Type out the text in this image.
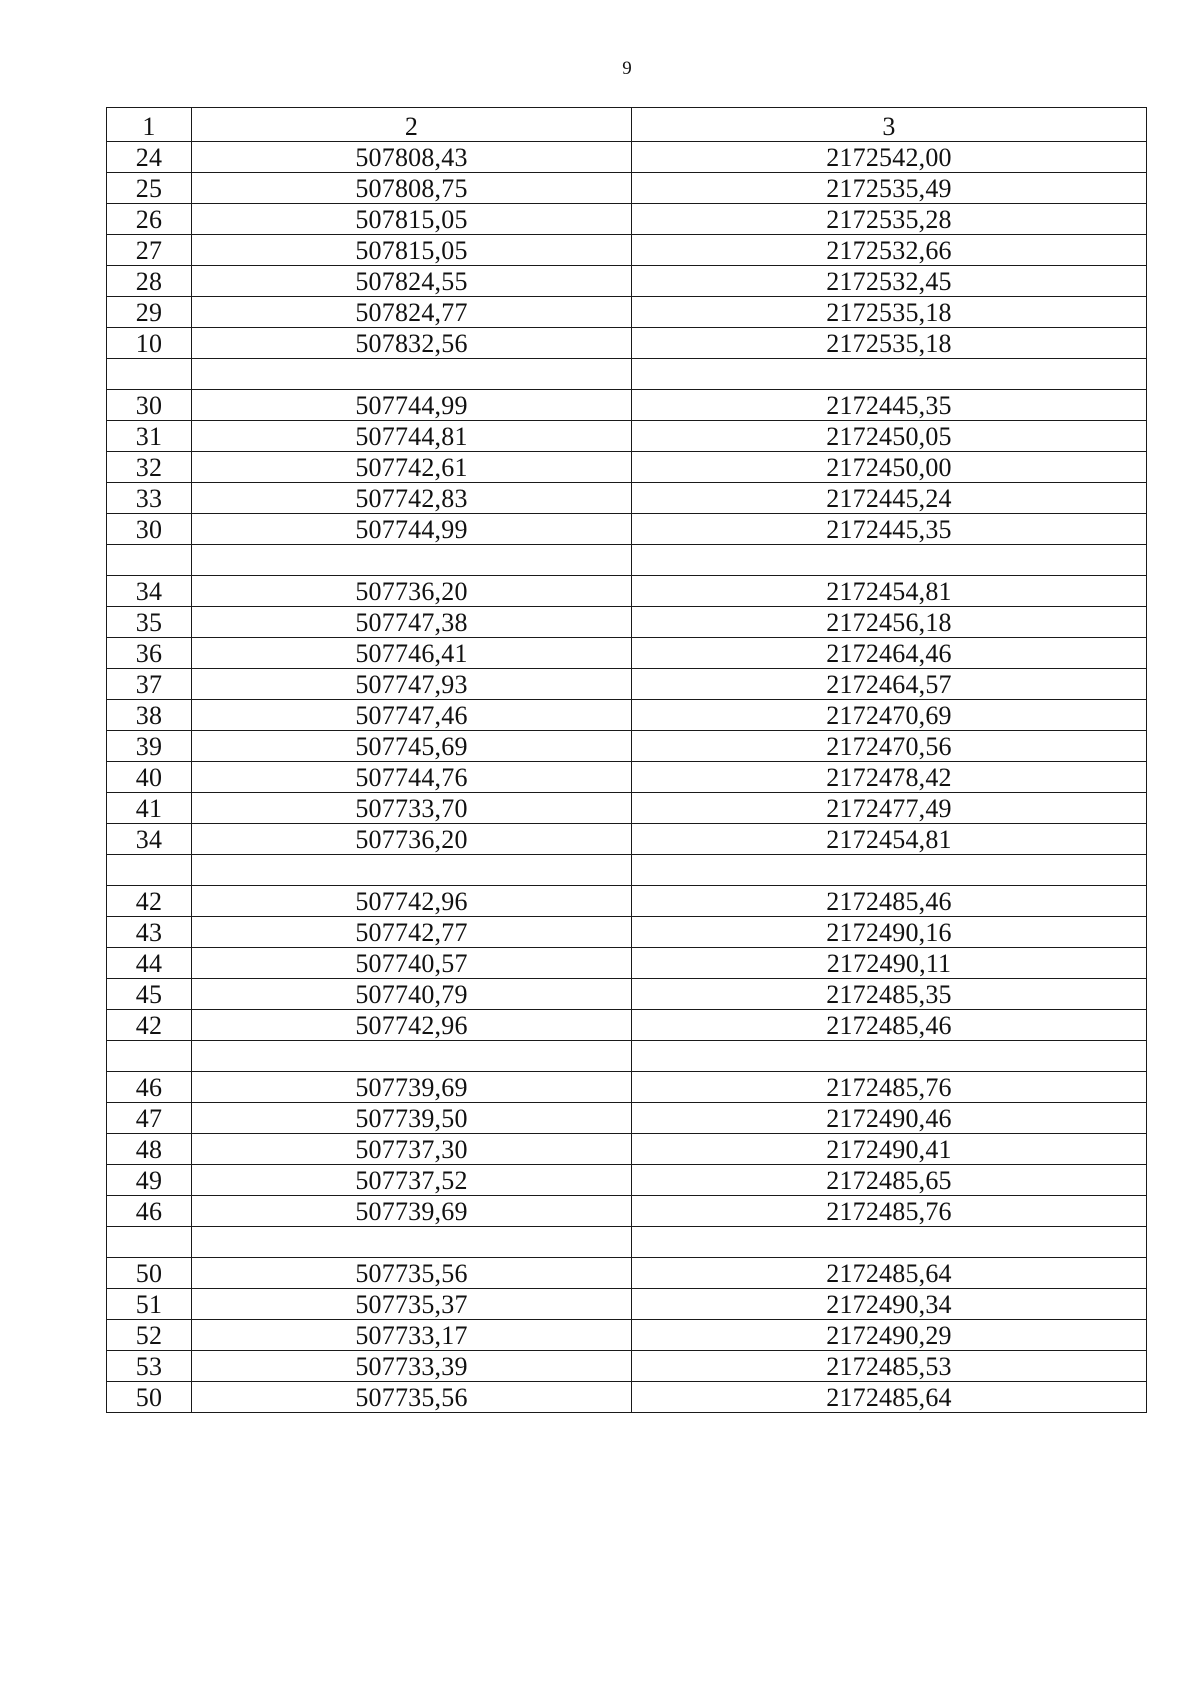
9
1	2	3
24	507808,43	2172542,00
25	507808,75	2172535,49
26	507815,05	2172535,28
27	507815,05	2172532,66
28	507824,55	2172532,45
29	507824,77	2172535,18
10	507832,56	2172535,18

30	507744,99	2172445,35
31	507744,81	2172450,05
32	507742,61	2172450,00
33	507742,83	2172445,24
30	507744,99	2172445,35

34	507736,20	2172454,81
35	507747,38	2172456,18
36	507746,41	2172464,46
37	507747,93	2172464,57
38	507747,46	2172470,69
39	507745,69	2172470,56
40	507744,76	2172478,42
41	507733,70	2172477,49
34	507736,20	2172454,81

42	507742,96	2172485,46
43	507742,77	2172490,16
44	507740,57	2172490,11
45	507740,79	2172485,35
42	507742,96	2172485,46

46	507739,69	2172485,76
47	507739,50	2172490,46
48	507737,30	2172490,41
49	507737,52	2172485,65
46	507739,69	2172485,76

50	507735,56	2172485,64
51	507735,37	2172490,34
52	507733,17	2172490,29
53	507733,39	2172485,53
50	507735,56	2172485,64
